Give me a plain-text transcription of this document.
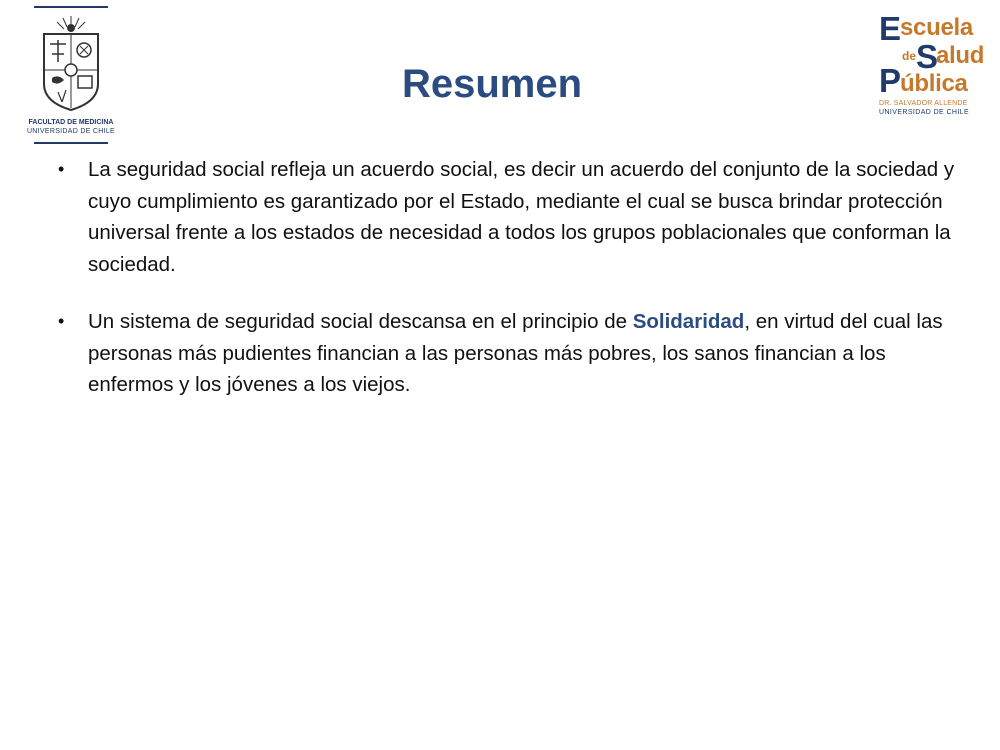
FACULTAD DE MEDICINA
UNIVERSIDAD DE CHILE
E
scuela
de S
alud
P
ública
DR. SALVADOR ALLENDE
UNIVERSIDAD DE CHILE
Resumen
• La seguridad social refleja un acuerdo social, es decir un acuerdo del conjunto de la sociedad y cuyo cumplimiento es garantizado por el Estado, mediante el cual se busca brindar protección universal frente a los estados de necesidad a todos los grupos poblacionales que conforman la sociedad.
• Un sistema de seguridad social descansa en el principio de Solidaridad, en virtud del cual las personas más pudientes financian a las personas más pobres, los sanos financian a los enfermos y los jóvenes a los viejos.
